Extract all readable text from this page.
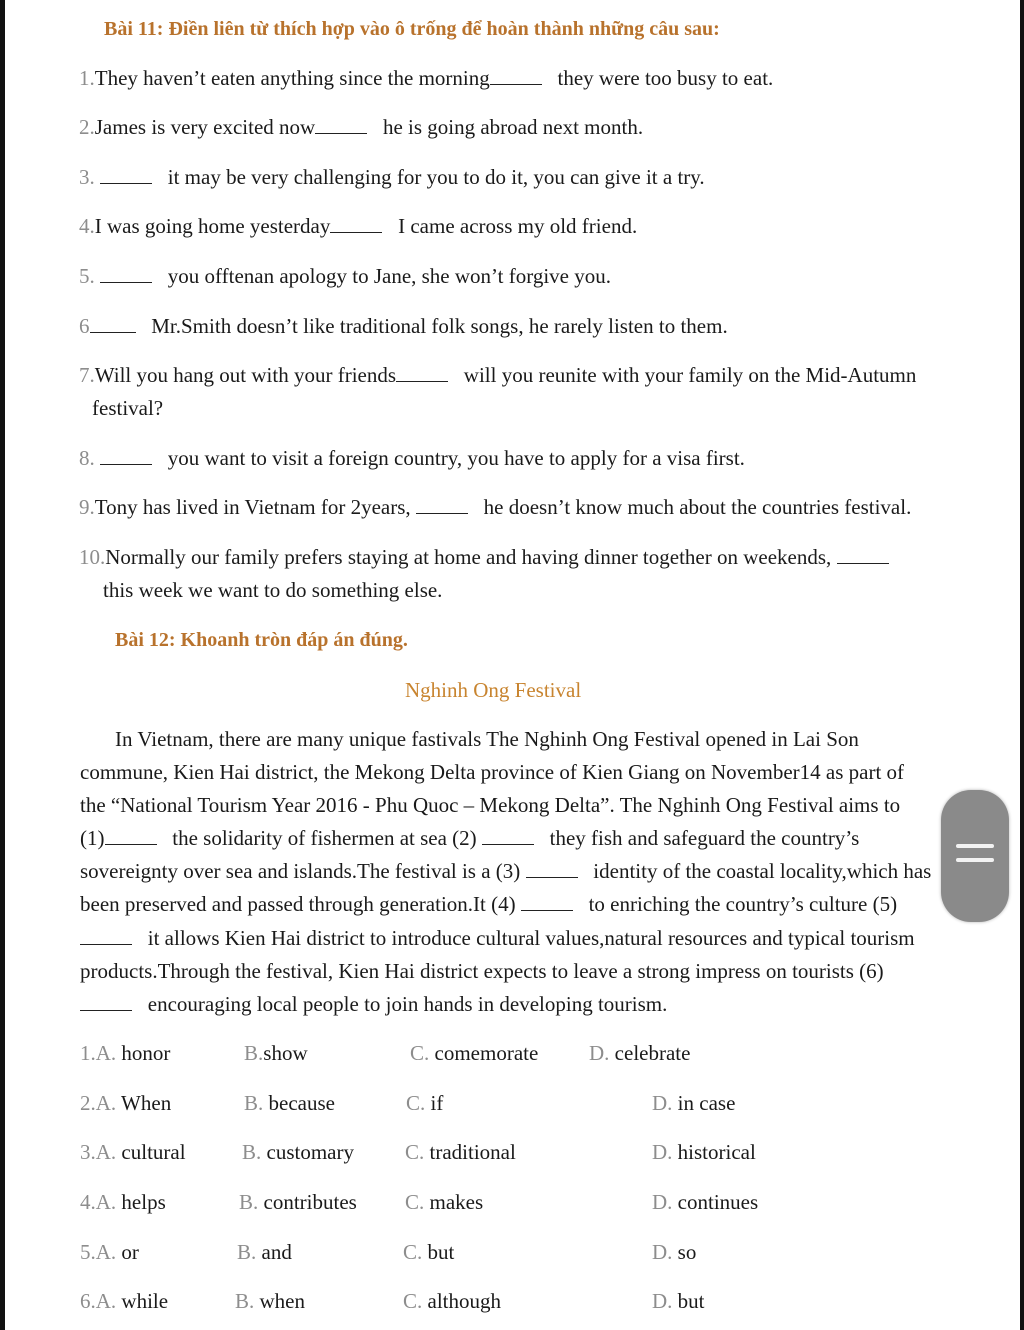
Bài 11: Điền liên từ thích hợp vào ô trống để hoàn thành những câu sau:
1.They haven’t eaten anything since the morning	they were too busy to eat.
2.James is very excited now	he is going abroad next month.
3.	it may be very challenging for you to do it, you can give it a try.
4.I was going home yesterday	I came across my old friend.
5.	you offtenan apology to Jane, she won’t forgive you.
6	Mr.Smith doesn’t like traditional folk songs, he rarely listen to them.
7.Will you hang out with your friends	will you reunite with your family on the Mid-Autumn
festival?
8.	you want to visit a foreign country, you have to apply for a visa first.
9.Tony has lived in Vietnam for 2years,	he doesn’t know much about the countries festival.
10.Normally our family prefers staying at home and having dinner together on weekends,
this week we want to do something else.
Bài 12: Khoanh tròn đáp án đúng.
Nghinh Ong Festival
In Vietnam, there are many unique fastivals The Nghinh Ong Festival opened in Lai Son
commune, Kien Hai district, the Mekong Delta province of Kien Giang on November14 as part of
the “National Tourism Year 2016 - Phu Quoc – Mekong Delta”. The Nghinh Ong Festival aims to
(1)	the solidarity of fishermen at sea (2)	they fish and safeguard the country’s
sovereignty over sea and islands.The festival is a (3)	identity of the coastal locality,which has
been preserved and passed through generation.It (4)	to enriching the country’s culture (5)
it allows Kien Hai district to introduce cultural values,natural resources and typical tourism
products.Through the festival, Kien Hai district expects to leave a strong impress on tourists (6)
encouraging local people to join hands in developing tourism.
1.A. honor	B.show	C. comemorate D. celebrate
2.A. When	B. because	C. if	D. in case
3.A. cultural	B. customary C. traditional	D. historical
4.A. helps	B. contributes C. makes	D. continues
5.A. or	B. and	C. but	D. so
6.A. while	B. when	C. although	D. but
